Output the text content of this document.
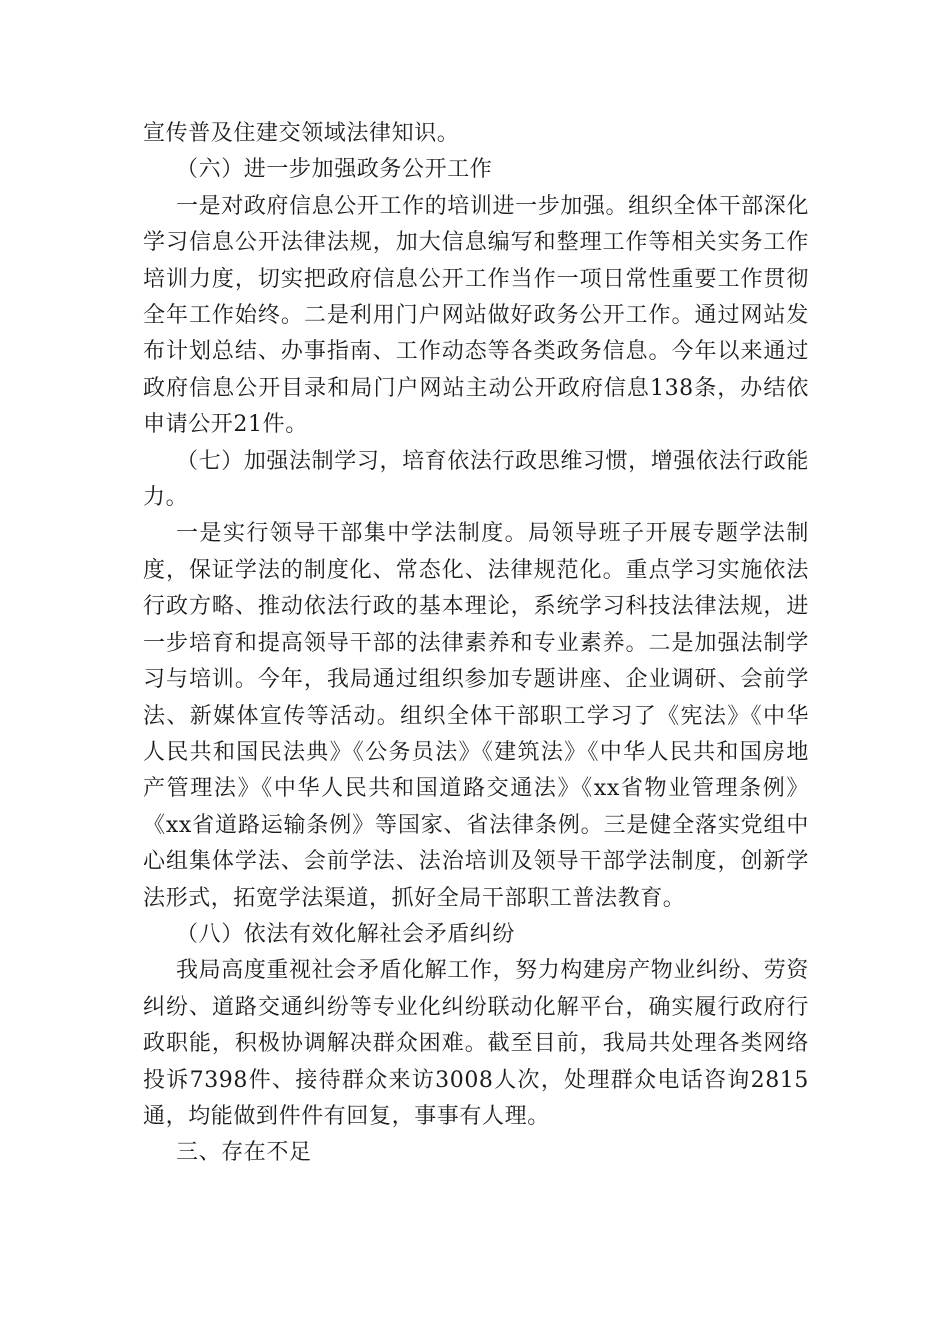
宣传普及住建交领域法律知识。

（六）进一步加强政务公开工作

一是对政府信息公开工作的培训进一步加强。组织全体干部深化学习信息公开法律法规，加大信息编写和整理工作等相关实务工作培训力度，切实把政府信息公开工作当作一项日常性重要工作贯彻全年工作始终。二是利用门户网站做好政务公开工作。通过网站发布计划总结、办事指南、工作动态等各类政务信息。今年以来通过政府信息公开目录和局门户网站主动公开政府信息138条，办结依申请公开21件。

（七）加强法制学习，培育依法行政思维习惯，增强依法行政能力。

一是实行领导干部集中学法制度。局领导班子开展专题学法制度，保证学法的制度化、常态化、法律规范化。重点学习实施依法行政方略、推动依法行政的基本理论，系统学习科技法律法规，进一步培育和提高领导干部的法律素养和专业素养。二是加强法制学习与培训。今年，我局通过组织参加专题讲座、企业调研、会前学法、新媒体宣传等活动。组织全体干部职工学习了《宪法》《中华人民共和国民法典》《公务员法》《建筑法》《中华人民共和国房地产管理法》《中华人民共和国道路交通法》《xx省物业管理条例》《xx省道路运输条例》等国家、省法律条例。三是健全落实党组中心组集体学法、会前学法、法治培训及领导干部学法制度，创新学法形式，拓宽学法渠道，抓好全局干部职工普法教育。

（八）依法有效化解社会矛盾纠纷

我局高度重视社会矛盾化解工作，努力构建房产物业纠纷、劳资纠纷、道路交通纠纷等专业化纠纷联动化解平台，确实履行政府行政职能，积极协调解决群众困难。截至目前，我局共处理各类网络投诉7398件、接待群众来访3008人次，处理群众电话咨询2815通，均能做到件件有回复，事事有人理。

三、存在不足
